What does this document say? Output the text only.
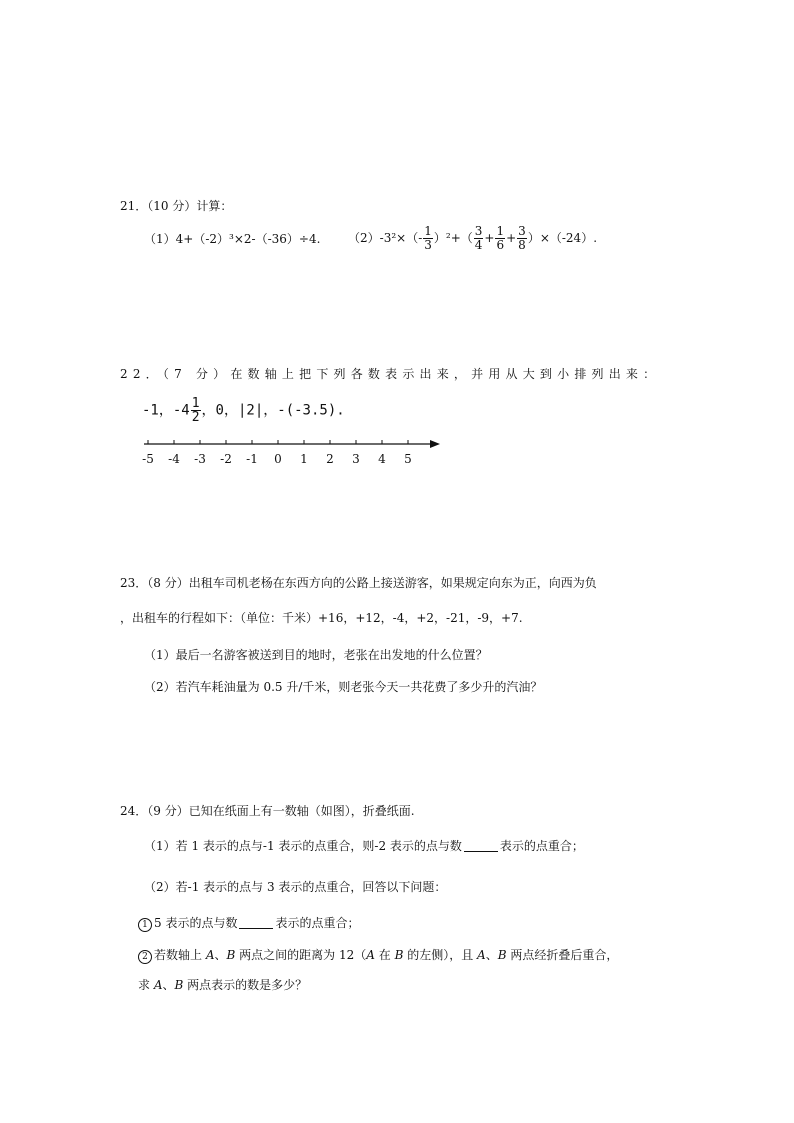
21．（10 分）计算：
（1）4+（-2）³×2-（-36）÷4. $(2)-3^2\times(- \frac{1}{3} )^2+( \frac{3}{4} + \frac{1}{6} + \frac{3}{8} )\times(-24)$.
22．（7 分）在数轴上把下列各数表示出来，并用从大到小排列出来：
-1，$-4 \frac{1}{2}$ ，0，|2|，-(-3.5).
-5 -4 -3 -2 -1 0 1 2 3 4 5
23．（8 分）出租车司机老杨在东西方向的公路上接送游客，如果规定向东为正，向西为负
，出租车的行程如下：（单位：千米）+16，+12，-4，+2，-21，-9，+7.
（1）最后一名游客被送到目的地时，老张在出发地的什么位置？
（2）若汽车耗油量为 0.5 升/千米，则老张今天一共花费了多少升的汽油？
24．（9 分）已知在纸面上有一数轴（如图），折叠纸面.
（1）若 1 表示的点与-1 表示的点重合，则-2 表示的点与数	表示的点重合；
（2）若-1 表示的点与 3 表示的点重合，回答以下问题：
1 5 表示的点与数	表示的点重合；
2 若数轴上 A、B 两点之间的距离为 12（A 在 B 的左侧），且 A、B 两点经折叠后重合，
求 A、B 两点表示的数是多少？
